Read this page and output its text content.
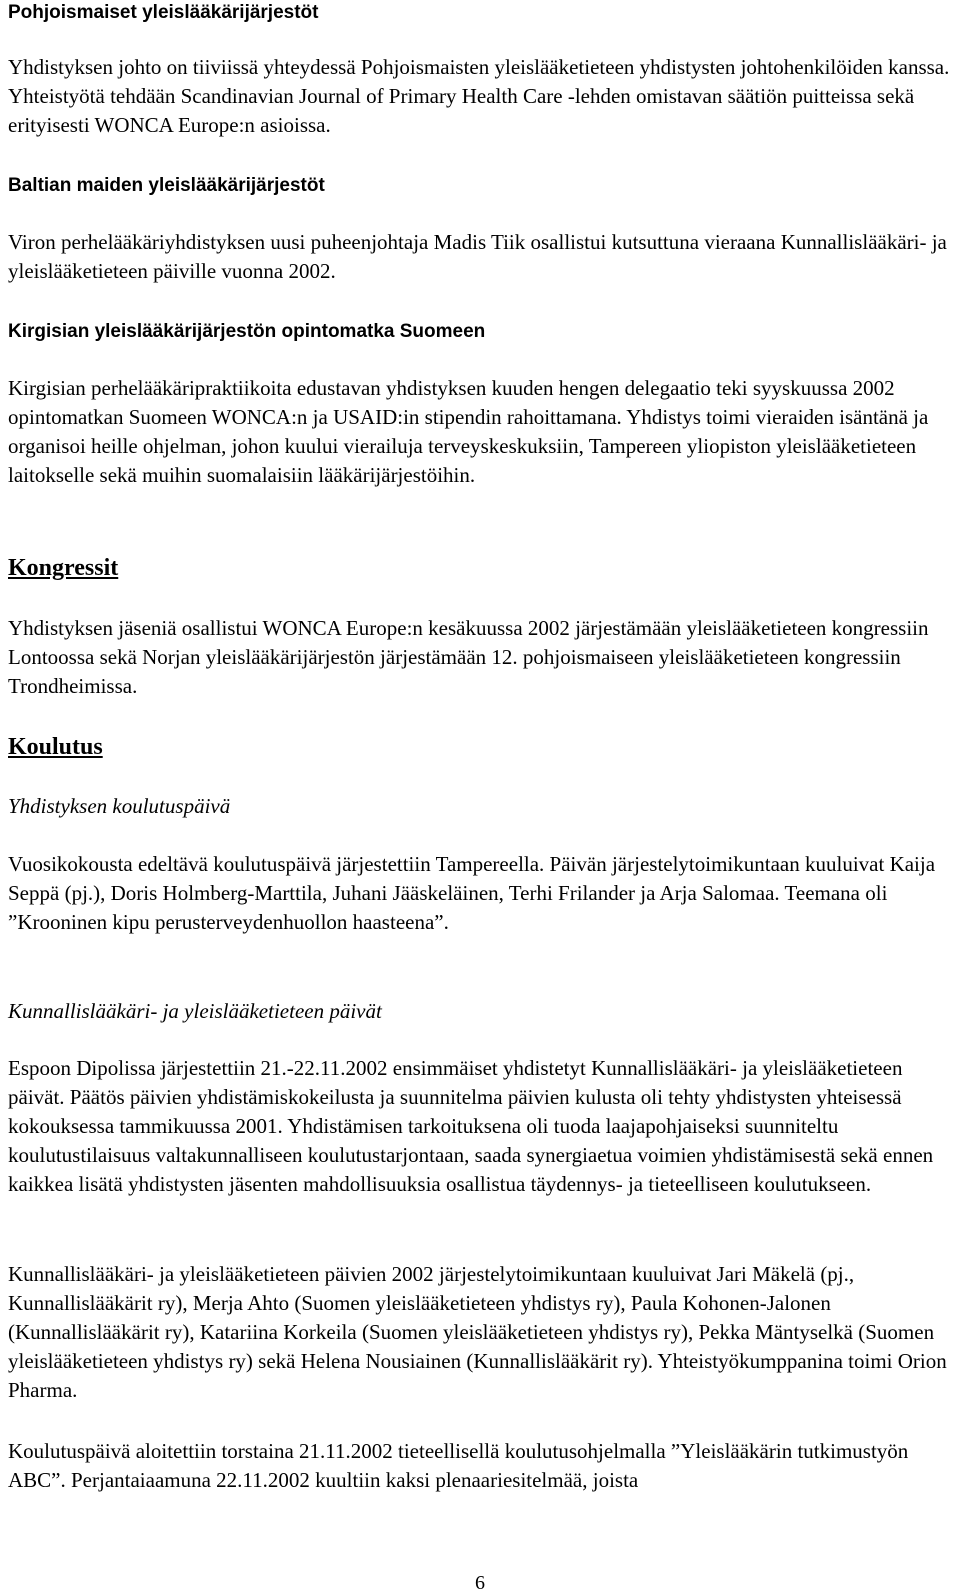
Pohjoismaiset yleislääkärijärjestöt
Yhdistyksen johto on tiiviissä yhteydessä Pohjoismaisten yleislääketieteen yhdistysten johtohenkilöiden kanssa. Yhteistyötä tehdään Scandinavian Journal of Primary Health Care -lehden omistavan säätiön puitteissa sekä erityisesti WONCA Europe:n asioissa.
Baltian maiden yleislääkärijärjestöt
Viron perhelääkäriyhdistyksen uusi puheenjohtaja Madis Tiik osallistui kutsuttuna vieraana Kunnallislääkäri- ja yleislääketieteen päiville vuonna 2002.
Kirgisian yleislääkärijärjestön opintomatka Suomeen
Kirgisian perhelääkäripraktiikoita edustavan yhdistyksen kuuden hengen delegaatio teki syyskuussa 2002 opintomatkan Suomeen WONCA:n ja USAID:in stipendin rahoittamana. Yhdistys toimi vieraiden isäntänä ja organisoi heille ohjelman, johon kuului vierailuja terveyskeskuksiin, Tampereen yliopiston yleislääketieteen laitokselle sekä muihin suomalaisiin lääkärijärjestöihin.
Kongressit
Yhdistyksen jäseniä osallistui WONCA Europe:n kesäkuussa 2002 järjestämään yleislääketieteen kongressiin Lontoossa sekä Norjan yleislääkärijärjestön järjestämään 12. pohjoismaiseen yleislääketieteen kongressiin Trondheimissa.
Koulutus
Yhdistyksen koulutuspäivä
Vuosikokousta edeltävä koulutuspäivä järjestettiin Tampereella. Päivän järjestelytoimikuntaan kuuluivat Kaija Seppä (pj.), Doris Holmberg-Marttila, Juhani Jääskeläinen, Terhi Frilander ja Arja Salomaa. Teemana oli ”Krooninen kipu perusterveydenhuollon haasteena”.
Kunnallislääkäri- ja yleislääketieteen päivät
Espoon Dipolissa järjestettiin 21.-22.11.2002 ensimmäiset yhdistetyt Kunnallislääkäri- ja yleislääketieteen päivät. Päätös päivien yhdistämiskokeilusta ja suunnitelma päivien kulusta oli tehty yhdistysten yhteisessä kokouksessa tammikuussa 2001. Yhdistämisen tarkoituksena oli tuoda laajapohjaiseksi suunniteltu koulutustilaisuus valtakunnalliseen koulutustarjontaan, saada synergiaetua voimien yhdistämisestä sekä ennen kaikkea lisätä yhdistysten jäsenten mahdollisuuksia osallistua täydennys- ja tieteelliseen koulutukseen.
Kunnallislääkäri- ja yleislääketieteen päivien 2002 järjestelytoimikuntaan kuuluivat Jari Mäkelä (pj., Kunnallislääkärit ry), Merja Ahto (Suomen yleislääketieteen yhdistys ry), Paula Kohonen-Jalonen (Kunnallislääkärit ry), Katariina Korkeila (Suomen yleislääketieteen yhdistys ry), Pekka Mäntyselkä (Suomen yleislääketieteen yhdistys ry) sekä Helena Nousiainen (Kunnallislääkärit ry). Yhteistyökumppanina toimi Orion Pharma.
Koulutuspäivä aloitettiin torstaina 21.11.2002 tieteellisellä koulutusohjelmalla ”Yleislääkärin tutkimustyön ABC”. Perjantaiaamuna 22.11.2002 kuultiin kaksi plenaariesitelmää, joista
6
